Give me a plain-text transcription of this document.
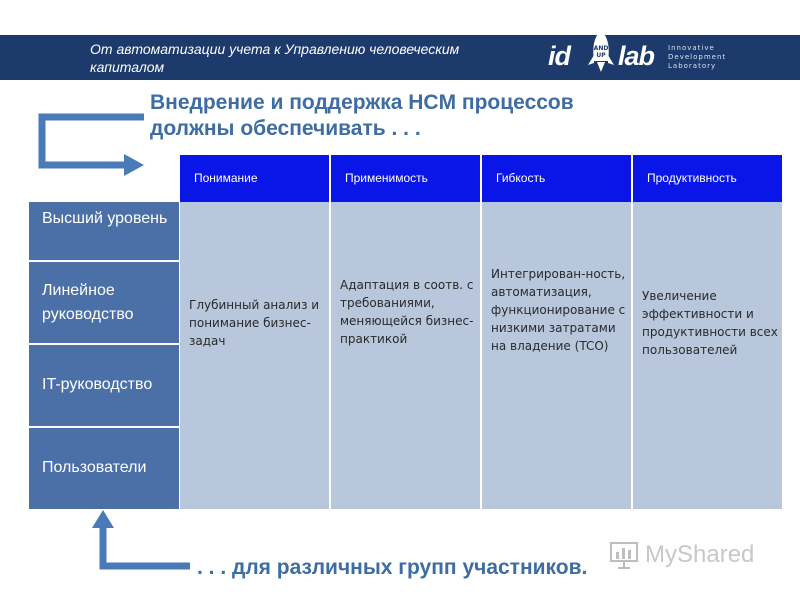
От автоматизации учета к Управлению человеческим капиталом	id	AND UP lab Innovative
Development
Laboratory
Внедрение и поддержка HCM процессов
должны обеспечивать . . .
Понимание	Применимость	Гибкость	Продуктивность
Высший уровень
Линейное руководство
IT-руководство
Пользователи
Глубинный анализ и понимание бизнес-задач
Адаптация в соотв. с требованиями, меняющейся бизнес-практикой
Интегрирован-ность, автоматизация, функционирование с низкими затратами на владение (TCO)
Увеличение эффективности и продуктивности всех пользователей
. . . для различных групп участников. MyShared
